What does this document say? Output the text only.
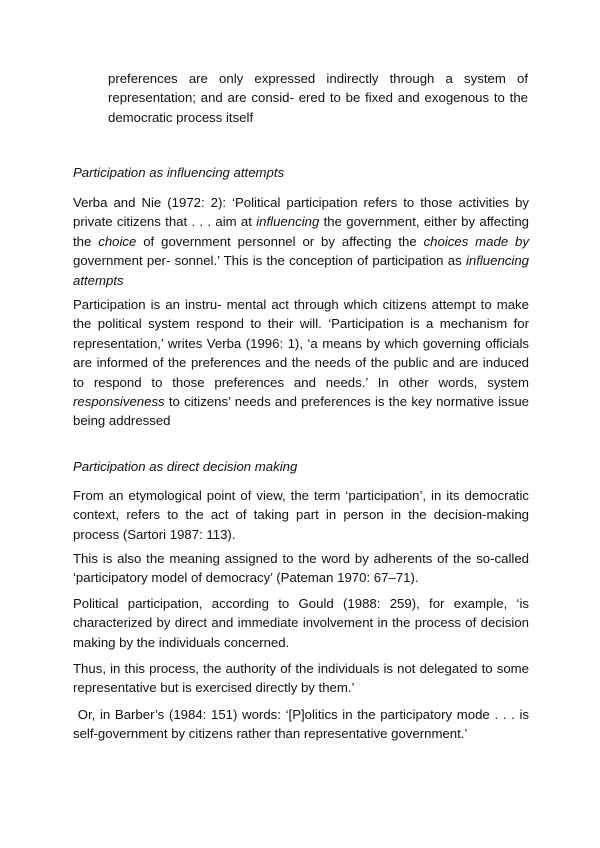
preferences are only expressed indirectly through a system of representation; and are consid- ered to be fixed and exogenous to the democratic process itself

Participation as influencing attempts

Verba and Nie (1972: 2): ‘Political participation refers to those activities by private citizens that . . . aim at influencing the government, either by affecting the choice of government personnel or by affecting the choices made by government per- sonnel.’ This is the conception of participation as influencing attempts

Participation is an instru- mental act through which citizens attempt to make the political system respond to their will. ‘Participation is a mechanism for representation,’ writes Verba (1996: 1), ‘a means by which governing officials are informed of the preferences and the needs of the public and are induced to respond to those preferences and needs.’ In other words, system responsiveness to citizens’ needs and preferences is the key normative issue being addressed

Participation as direct decision making

From an etymological point of view, the term ‘participation’, in its democratic context, refers to the act of taking part in person in the decision-making process (Sartori 1987: 113).

This is also the meaning assigned to the word by adherents of the so-called ‘participatory model of democracy’ (Pateman 1970: 67–71).

Political participation, according to Gould (1988: 259), for example, ‘is characterized by direct and immediate involvement in the process of decision making by the individuals concerned.

Thus, in this process, the authority of the individuals is not delegated to some representative but is exercised directly by them.’

Or, in Barber’s (1984: 151) words: ‘[P]olitics in the participatory mode . . . is self-government by citizens rather than representative government.’
